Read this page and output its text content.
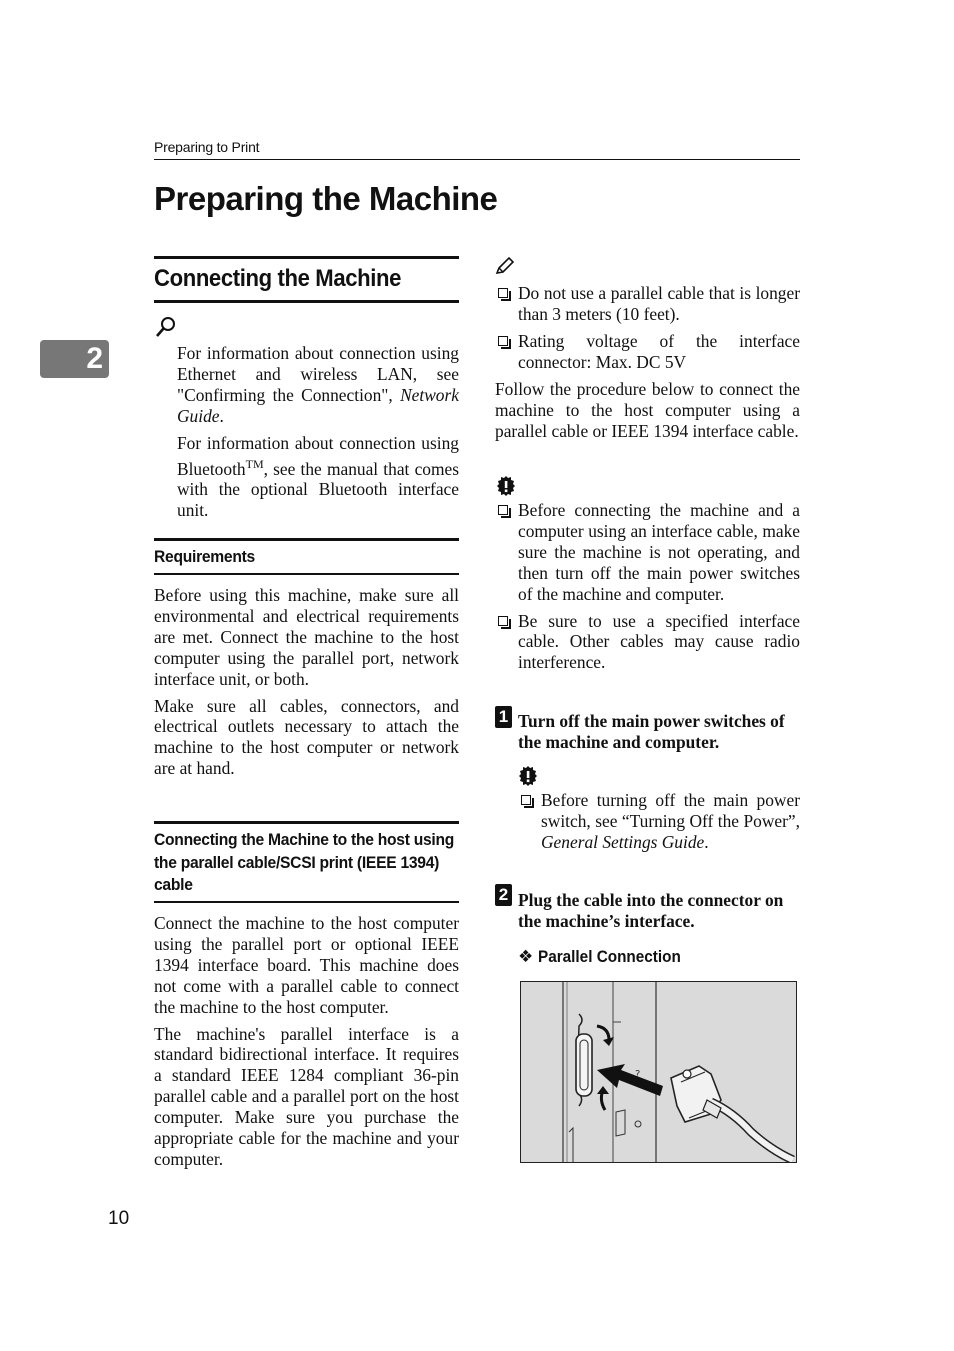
Preparing to Print
Preparing the Machine
2
Connecting the Machine

For information about connection using Ethernet and wireless LAN, see "Confirming the Connection", Network Guide.

For information about connection using Bluetooth™, see the manual that comes with the optional Bluetooth interface unit.

Requirements

Before using this machine, make sure all environmental and electrical requirements are met. Connect the machine to the host computer using the parallel port, network interface unit, or both.

Make sure all cables, connectors, and electrical outlets necessary to attach the machine to the host computer or network are at hand.

Connecting the Machine to the host using the parallel cable/SCSI print (IEEE 1394) cable

Connect the machine to the host computer using the parallel port or optional IEEE 1394 interface board. This machine does not come with a parallel cable to connect the machine to the host computer.

The machine's parallel interface is a standard bidirectional interface. It requires a standard IEEE 1284 compliant 36-pin parallel cable and a parallel port on the host computer. Make sure you purchase the appropriate cable for the machine and your computer.

Do not use a parallel cable that is longer than 3 meters (10 feet).
Rating voltage of the interface connector: Max. DC 5V

Follow the procedure below to connect the machine to the host computer using a parallel cable or IEEE 1394 interface cable.

Before connecting the machine and a computer using an interface cable, make sure the machine is not operating, and then turn off the main power switches of the machine and computer.
Be sure to use a specified interface cable. Other cables may cause radio interference.
1 Turn off the main power switches of the machine and computer.
Before turning off the main power switch, see “Turning Off the Power”, General Settings Guide.
2 Plug the cable into the connector on the machine’s interface.
❖ Parallel Connection
?
10
